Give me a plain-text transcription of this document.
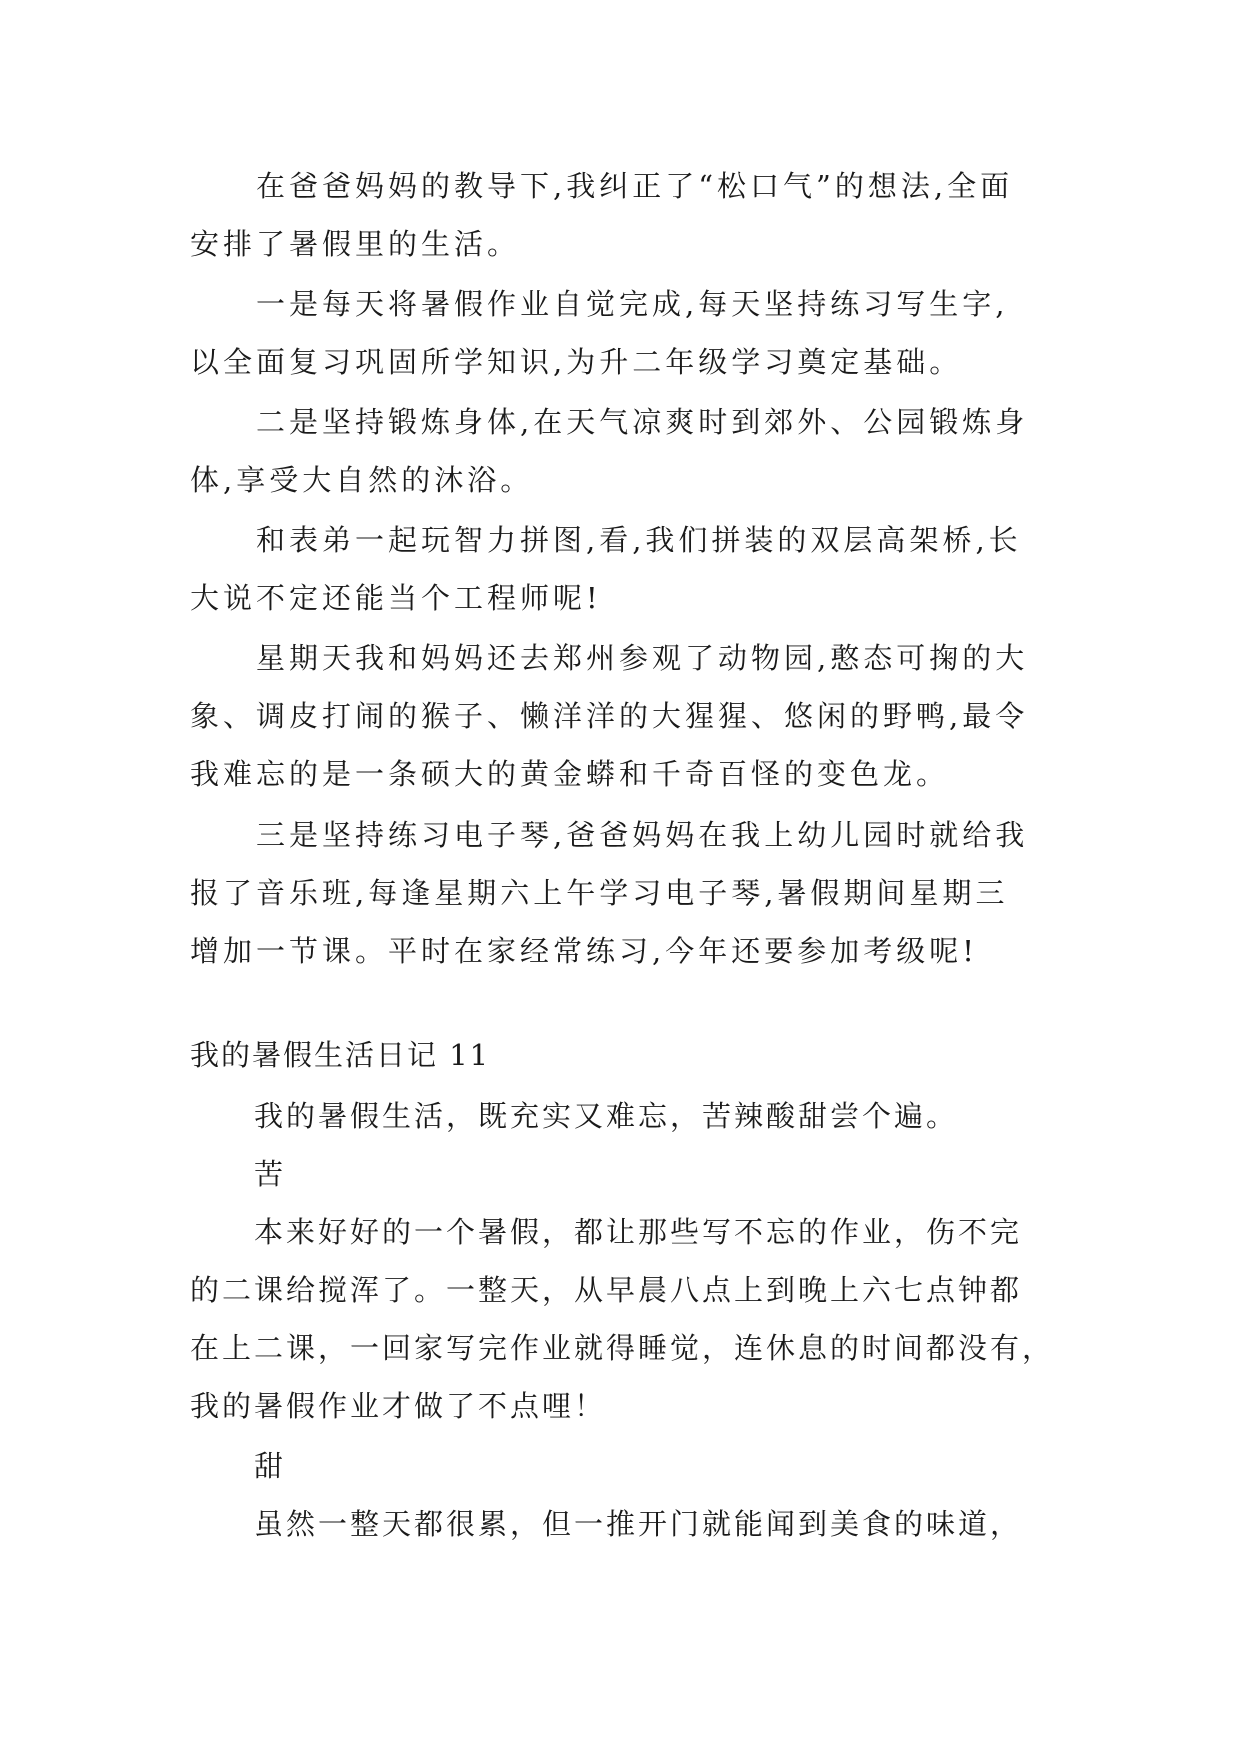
　　在爸爸妈妈的教导下,我纠正了“松口气”的想法,全面
安排了暑假里的生活。
　　一是每天将暑假作业自觉完成,每天坚持练习写生字,
以全面复习巩固所学知识,为升二年级学习奠定基础。
　　二是坚持锻炼身体,在天气凉爽时到郊外、公园锻炼身
体,享受大自然的沐浴。
　　和表弟一起玩智力拼图,看,我们拼装的双层高架桥,长
大说不定还能当个工程师呢!
　　星期天我和妈妈还去郑州参观了动物园,憨态可掬的大
象、调皮打闹的猴子、懒洋洋的大猩猩、悠闲的野鸭,最令
我难忘的是一条硕大的黄金蟒和千奇百怪的变色龙。
　　三是坚持练习电子琴,爸爸妈妈在我上幼儿园时就给我
报了音乐班,每逢星期六上午学习电子琴,暑假期间星期三
增加一节课。平时在家经常练习,今年还要参加考级呢!
我的暑假生活日记 11
　　我的暑假生活，既充实又难忘，苦辣酸甜尝个遍。
　　苦
　　本来好好的一个暑假，都让那些写不忘的作业，伤不完
的二课给搅浑了。一整天，从早晨八点上到晚上六七点钟都
在上二课，一回家写完作业就得睡觉，连休息的时间都没有，
我的暑假作业才做了不点哩！
　　甜
　　虽然一整天都很累，但一推开门就能闻到美食的味道，
